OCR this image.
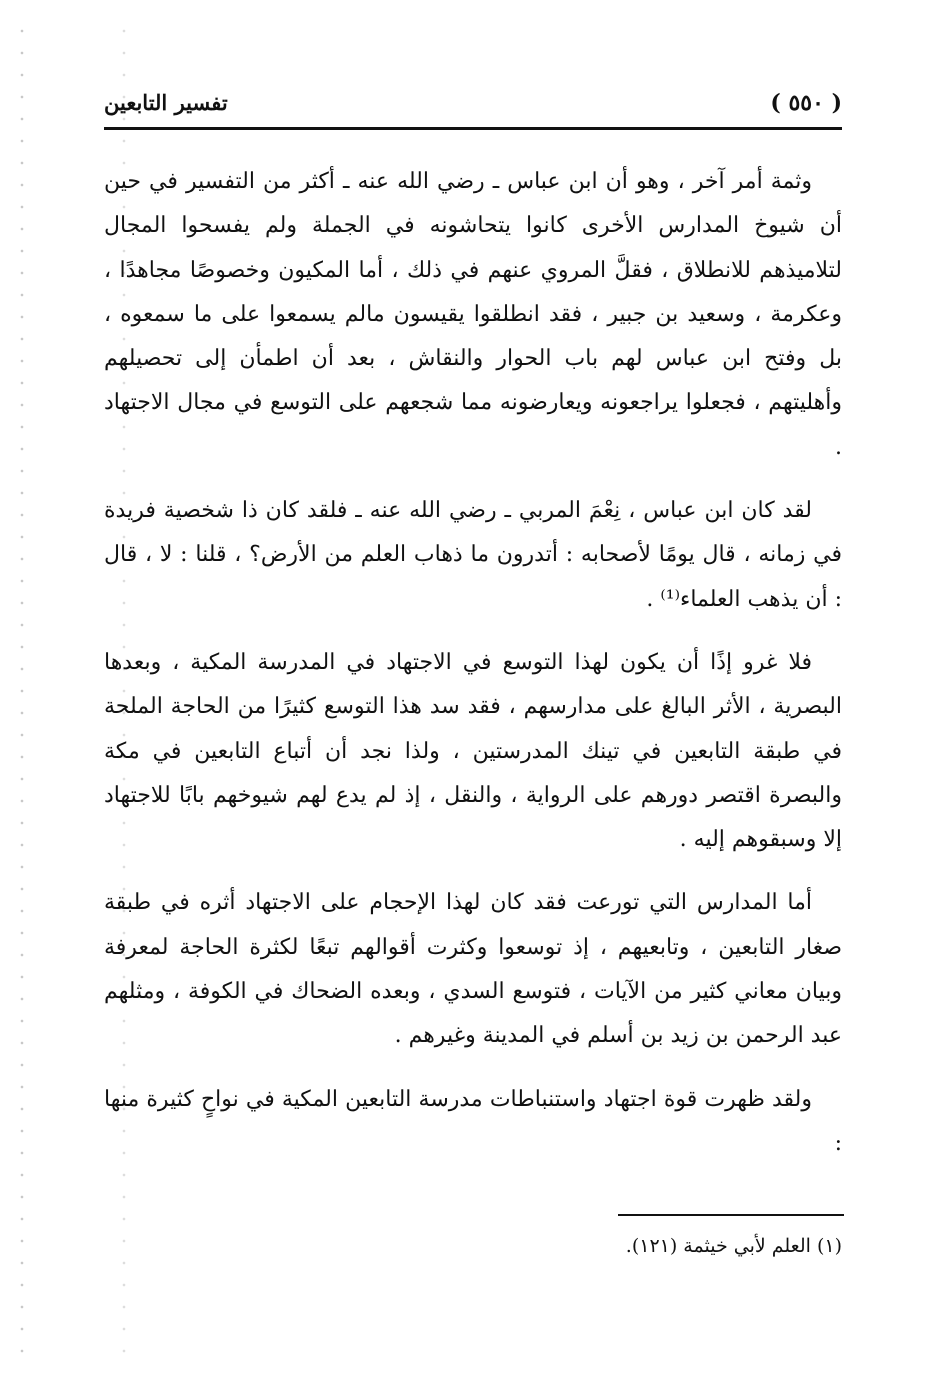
( ٥٥٠ )
تفسير التابعين

وثمة أمر آخر ، وهو أن ابن عباس ـ رضي الله عنه ـ أكثر من التفسير في حين أن شيوخ المدارس الأخرى كانوا يتحاشونه في الجملة ولم يفسحوا المجال لتلاميذهم للانطلاق ، فقلَّ المروي عنهم في ذلك ، أما المكيون وخصوصًا مجاهدًا ، وعكرمة ، وسعيد بن جبير ، فقد انطلقوا يقيسون مالم يسمعوا على ما سمعوه ، بل وفتح ابن عباس لهم باب الحوار والنقاش ، بعد أن اطمأن إلى تحصيلهم وأهليتهم ، فجعلوا يراجعونه ويعارضونه مما شجعهم على التوسع في مجال الاجتهاد .

لقد كان ابن عباس ، نِعْمَ المربي ـ رضي الله عنه ـ فلقد كان ذا شخصية فريدة في زمانه ، قال يومًا لأصحابه : أتدرون ما ذهاب العلم من الأرض؟ ، قلنا : لا ، قال : أن يذهب العلماء⁽¹⁾ .

فلا غرو إذًا أن يكون لهذا التوسع في الاجتهاد في المدرسة المكية ، وبعدها البصرية ، الأثر البالغ على مدارسهم ، فقد سد هذا التوسع كثيرًا من الحاجة الملحة في طبقة التابعين في تينك المدرستين ، ولذا نجد أن أتباع التابعين في مكة والبصرة اقتصر دورهم على الرواية ، والنقل ، إذ لم يدع لهم شيوخهم بابًا للاجتهاد إلا وسبقوهم إليه .

أما المدارس التي تورعت فقد كان لهذا الإحجام على الاجتهاد أثره في طبقة صغار التابعين ، وتابعيهم ، إذ توسعوا وكثرت أقوالهم تبعًا لكثرة الحاجة لمعرفة وبيان معاني كثير من الآيات ، فتوسع السدي ، وبعده الضحاك في الكوفة ، ومثلهم عبد الرحمن بن زيد بن أسلم في المدينة وغيرهم .

ولقد ظهرت قوة اجتهاد واستنباطات مدرسة التابعين المكية في نواحٍ كثيرة منها :

(١) العلم لأبي خيثمة (١٢١).
